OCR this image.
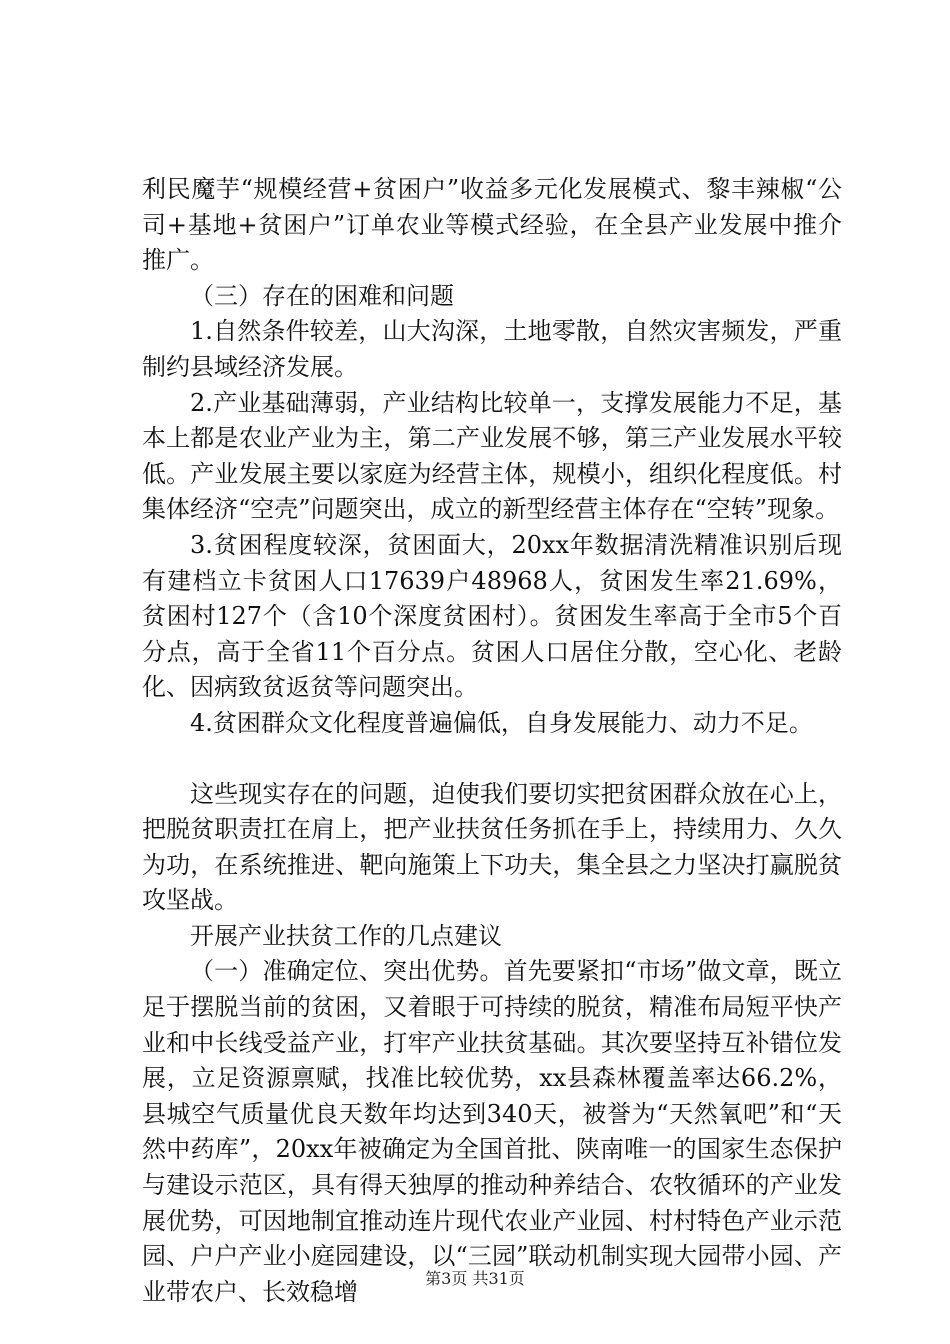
利民魔芋“规模经营+贫困户”收益多元化发展模式、黎丰辣椒“公司+基地+贫困户”订单农业等模式经验，在全县产业发展中推介推广。

（三）存在的困难和问题

1.自然条件较差，山大沟深，土地零散，自然灾害频发，严重制约县域经济发展。

2.产业基础薄弱，产业结构比较单一，支撑发展能力不足，基本上都是农业产业为主，第二产业发展不够，第三产业发展水平较低。产业发展主要以家庭为经营主体，规模小，组织化程度低。村集体经济“空壳”问题突出，成立的新型经营主体存在“空转”现象。

3.贫困程度较深，贫困面大，20xx年数据清洗精准识别后现有建档立卡贫困人口17639户48968人，贫困发生率21.69%，贫困村127个（含10个深度贫困村）。贫困发生率高于全市5个百分点，高于全省11个百分点。贫困人口居住分散，空心化、老龄化、因病致贫返贫等问题突出。

4.贫困群众文化程度普遍偏低，自身发展能力、动力不足。

这些现实存在的问题，迫使我们要切实把贫困群众放在心上，把脱贫职责扛在肩上，把产业扶贫任务抓在手上，持续用力、久久为功，在系统推进、靶向施策上下功夫，集全县之力坚决打赢脱贫攻坚战。

开展产业扶贫工作的几点建议

（一）准确定位、突出优势。首先要紧扣“市场”做文章，既立足于摆脱当前的贫困，又着眼于可持续的脱贫，精准布局短平快产业和中长线受益产业，打牢产业扶贫基础。其次要坚持互补错位发展，立足资源禀赋，找准比较优势，xx县森林覆盖率达66.2%，县城空气质量优良天数年均达到340天，被誉为“天然氧吧”和“天然中药库”，20xx年被确定为全国首批、陕南唯一的国家生态保护与建设示范区，具有得天独厚的推动种养结合、农牧循环的产业发展优势，可因地制宜推动连片现代农业产业园、村村特色产业示范园、户户产业小庭园建设，以“三园”联动机制实现大园带小园、产业带农户、长效稳增	第3页 共31页
